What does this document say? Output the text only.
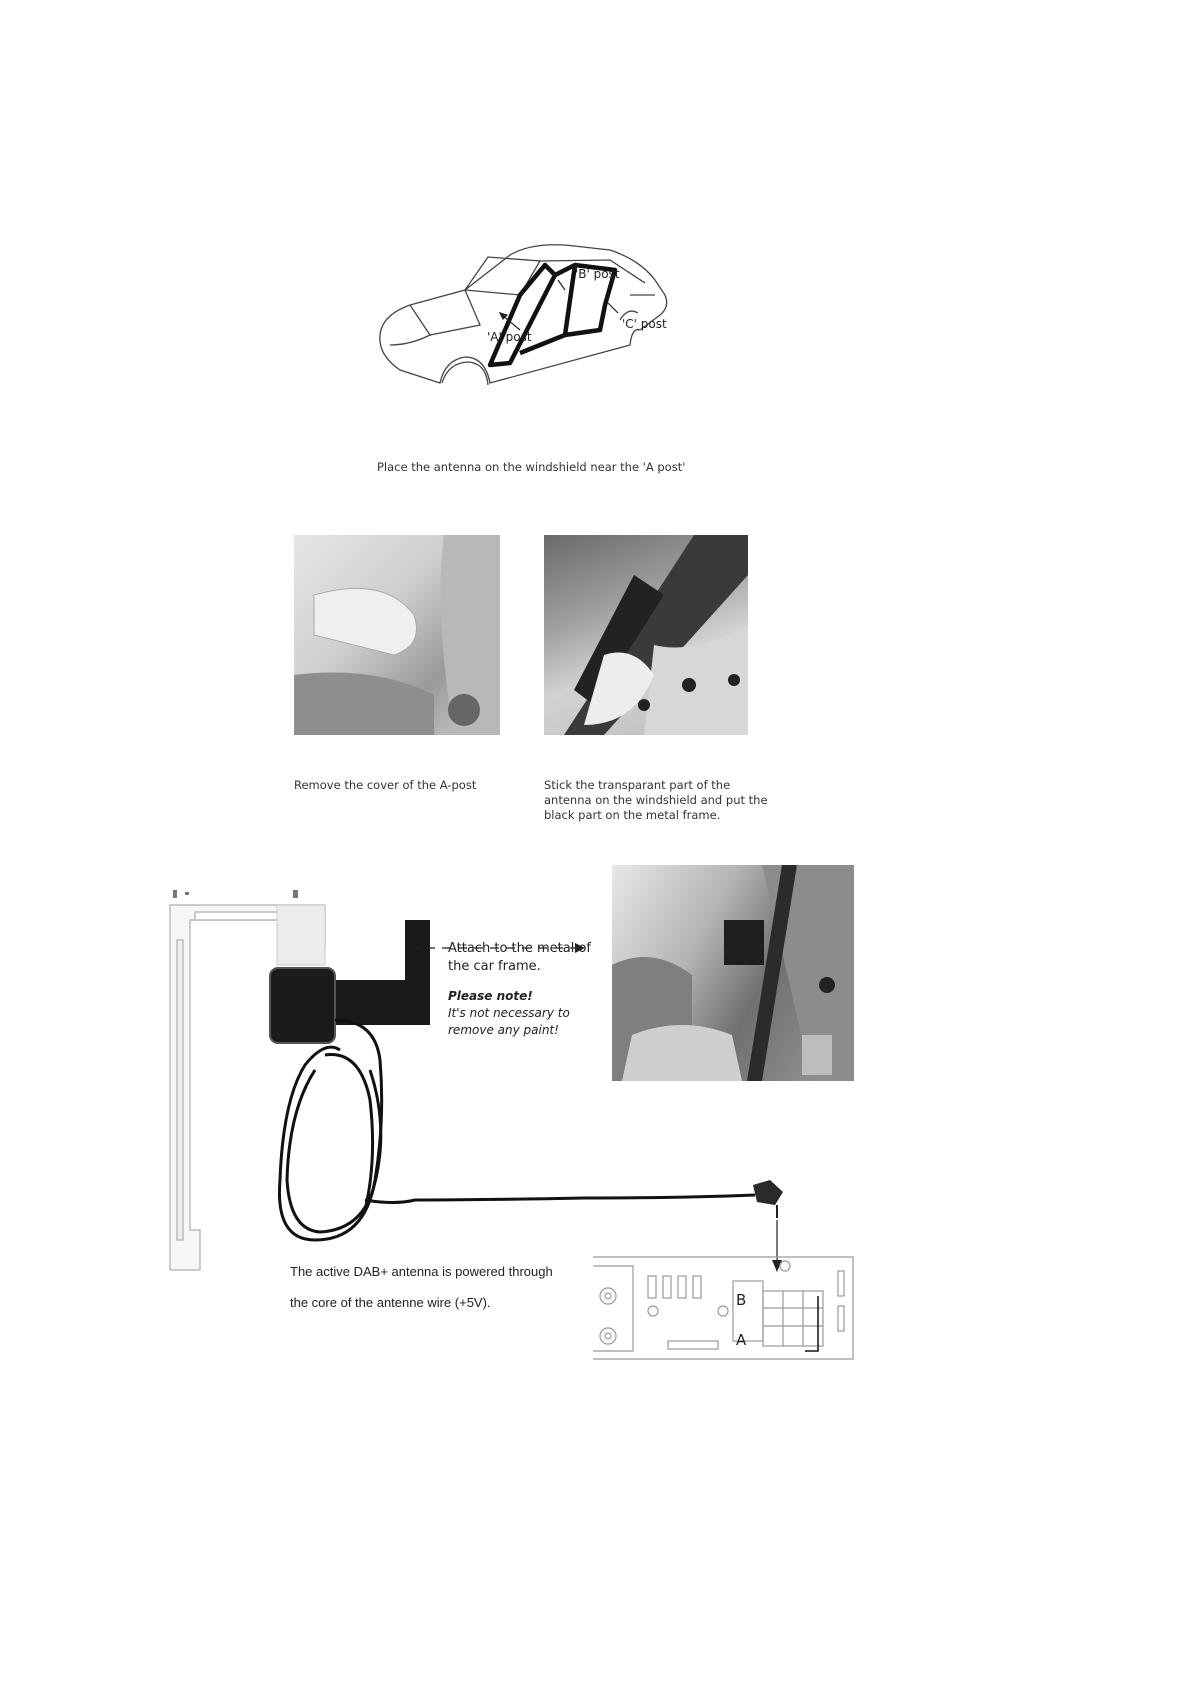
'A' post
'B' post
'C' post
Place the antenna on the windshield near the 'A post'
Remove the cover of the A-post	Stick the transparant part of the
antenna on the windshield and put the
black part on the metal frame.
Attach to the metal of
the car frame.
Please note!
It's not necessary to
remove any paint!
B
A
The active DAB+ antenna is powered through
the core of the antenne wire (+5V).
